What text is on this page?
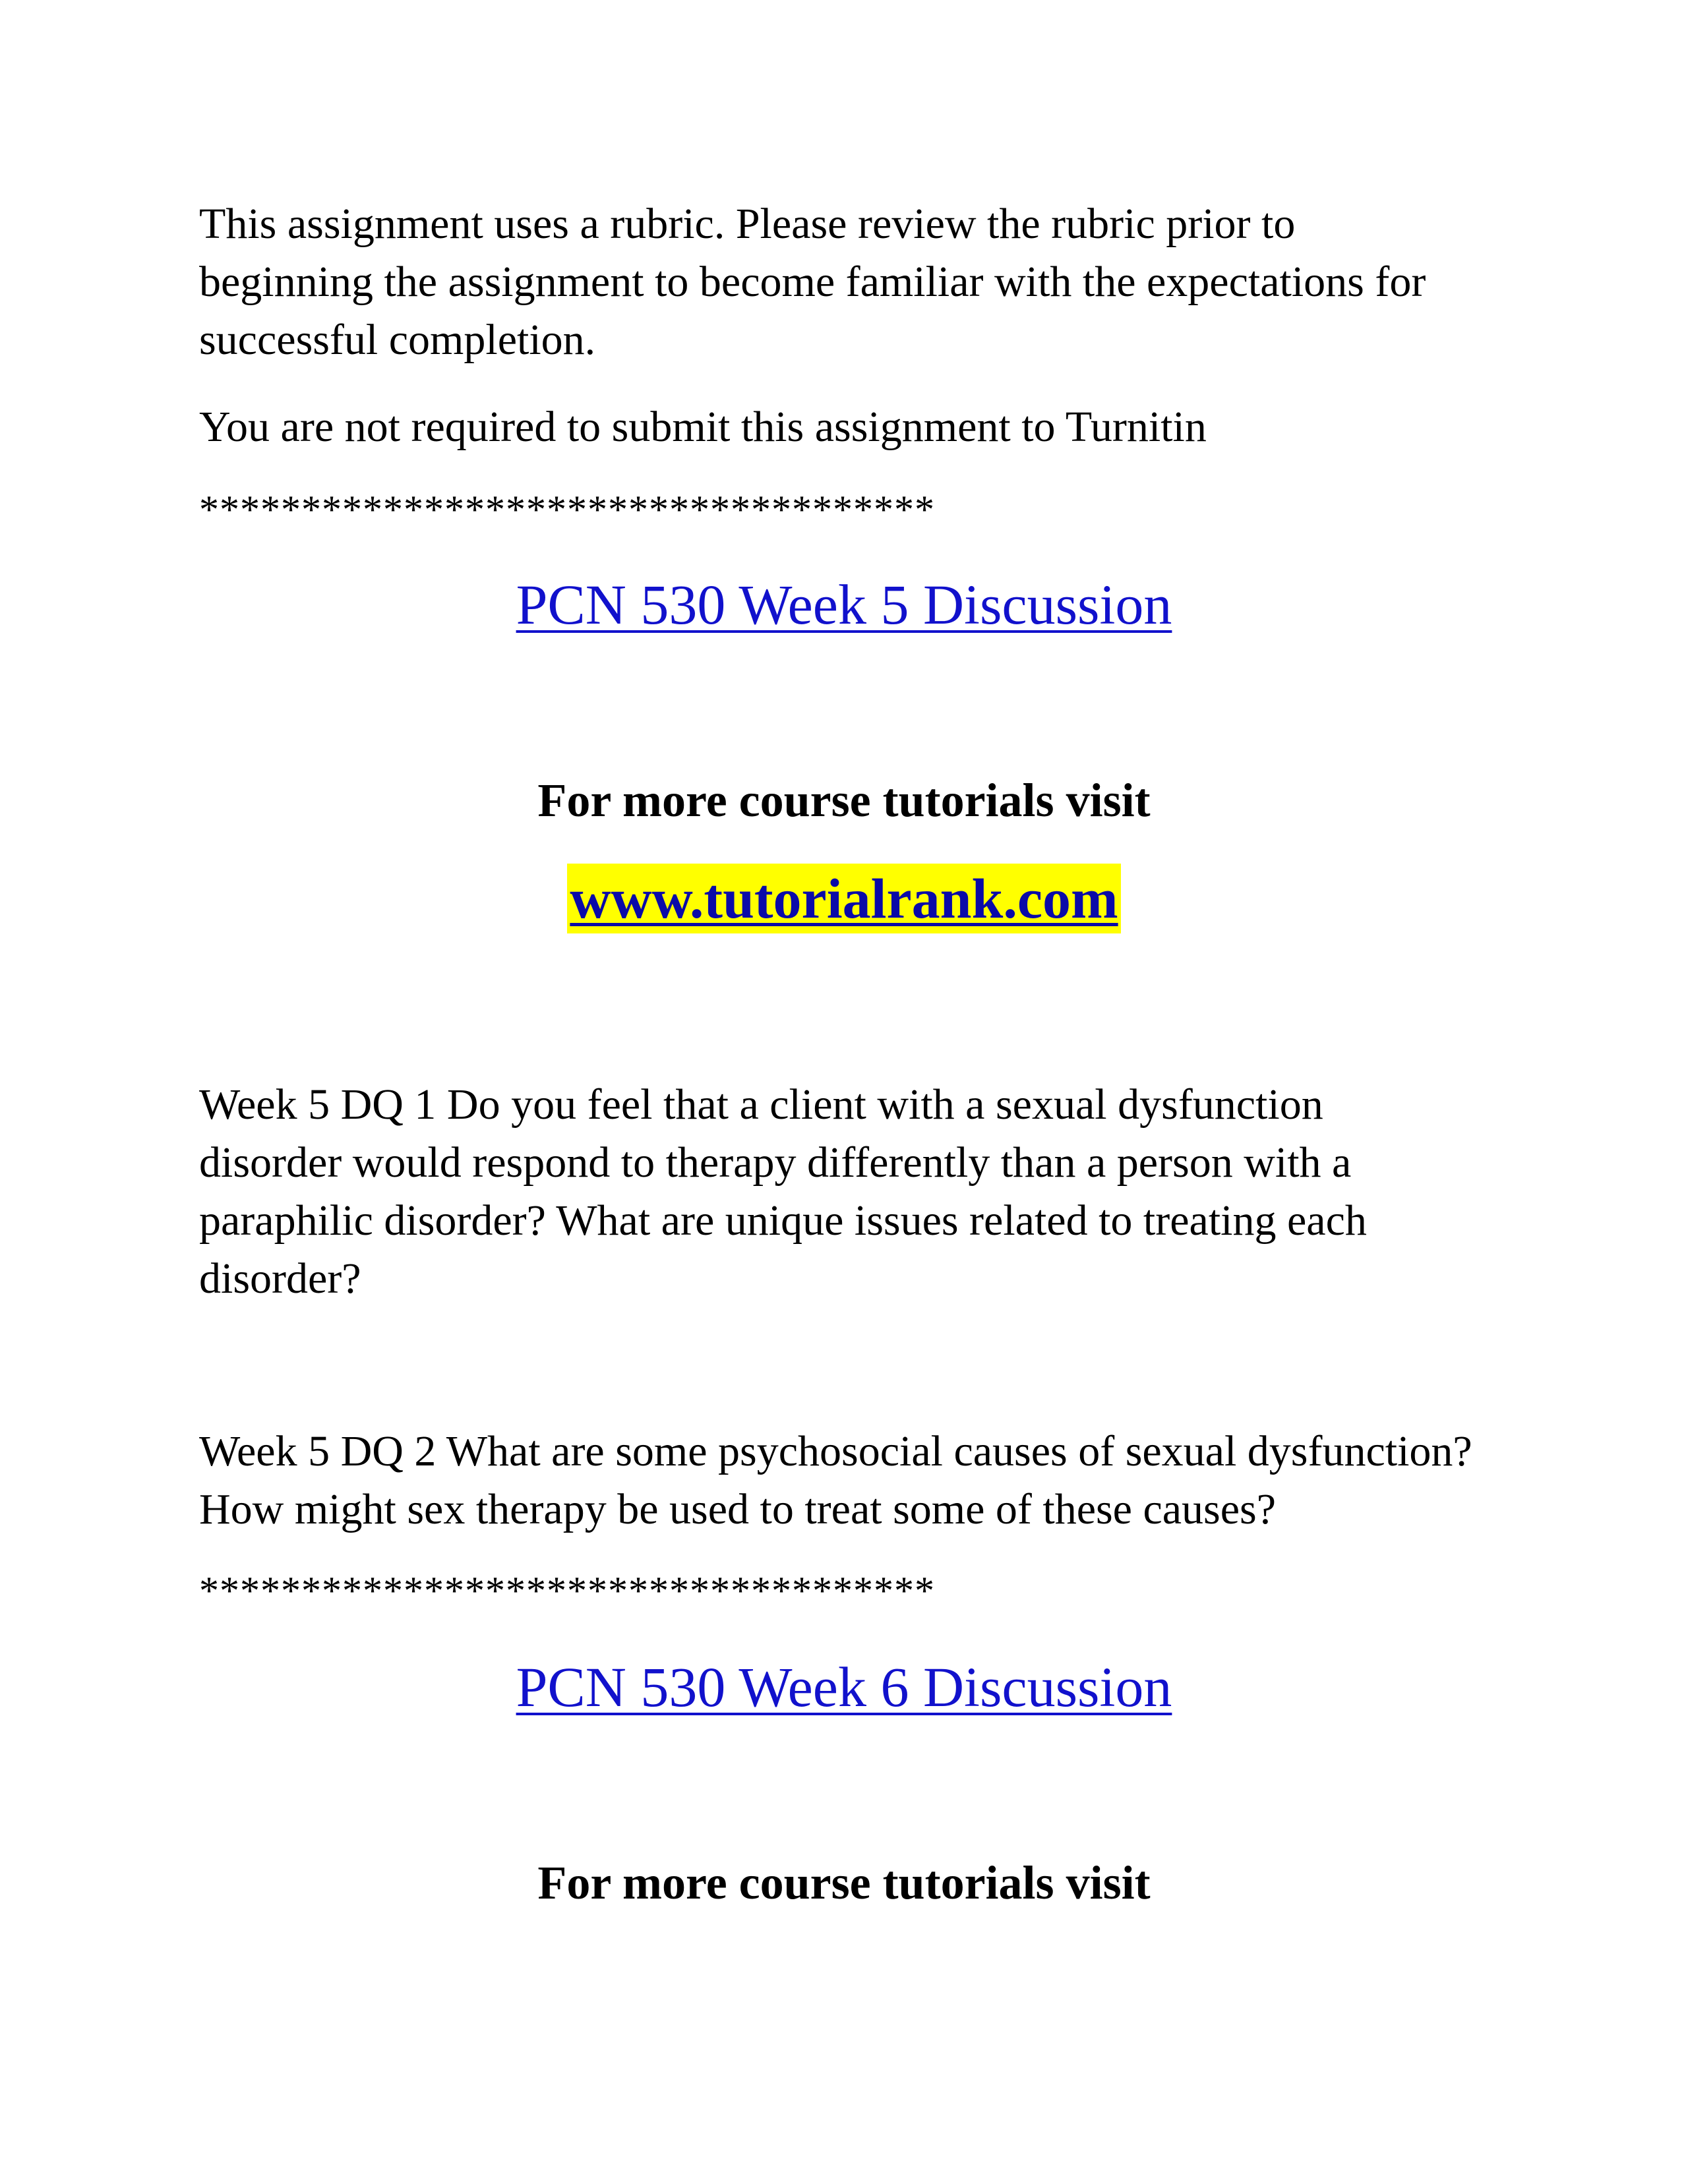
This assignment uses a rubric. Please review the rubric prior to
beginning the assignment to become familiar with the expectations for
successful completion.
You are not required to submit this assignment to Turnitin
************************************
PCN 530 Week 5 Discussion
For more course tutorials visit
www.tutorialrank.com
Week 5 DQ 1 Do you feel that a client with a sexual dysfunction
disorder would respond to therapy differently than a person with a
paraphilic disorder? What are unique issues related to treating each
disorder?
Week 5 DQ 2 What are some psychosocial causes of sexual dysfunction?
How might sex therapy be used to treat some of these causes?
************************************
PCN 530 Week 6 Discussion
For more course tutorials visit
